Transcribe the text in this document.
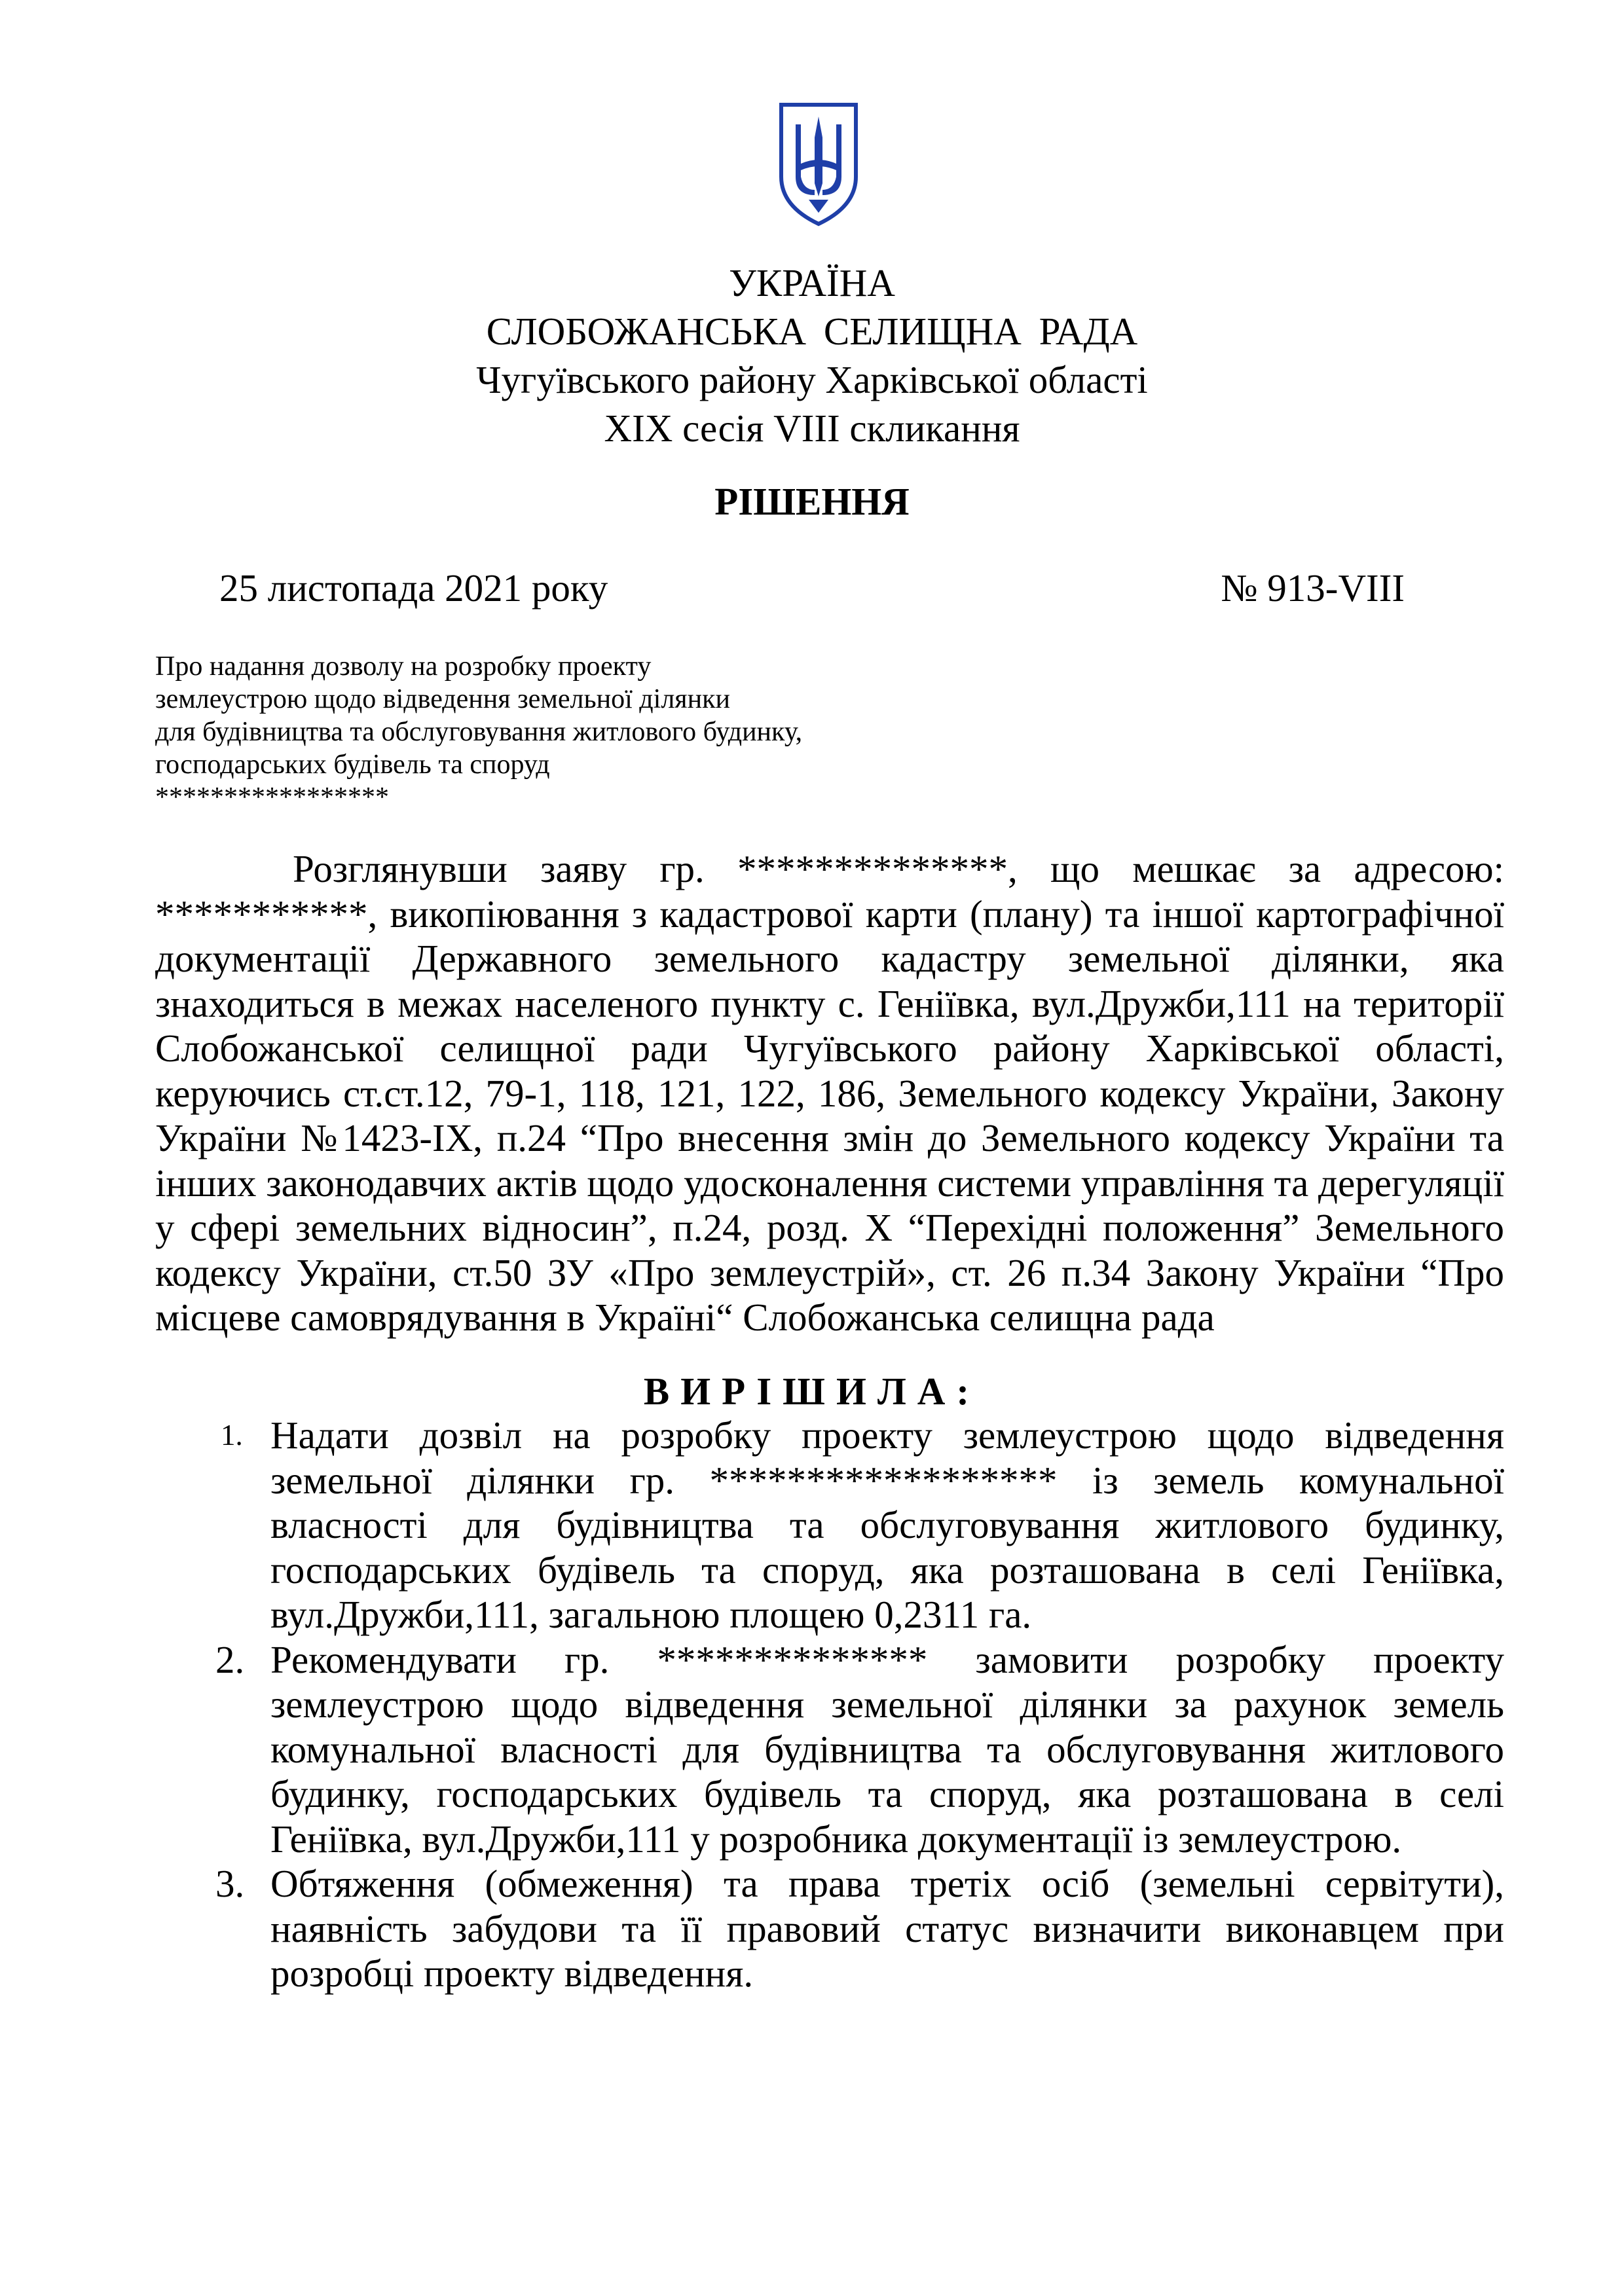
УКРАЇНА
СЛОБОЖАНСЬКА СЕЛИЩНА РАДА
Чугуївського району Харківської області
XIX сесія VIII скликання
РІШЕННЯ
25 листопада 2021 року	№ 913-VIII
Про надання дозволу на розробку проекту
землеустрою щодо відведення земельної ділянки
для будівництва та обслуговування житлового будинку,
господарських будівель та споруд
*****************

Розглянувши заяву гр. **************, що мешкає за адресою: ***********, викопіювання з кадастрової карти (плану) та іншої картографічної документації Державного земельного кадастру земельної ділянки, яка знаходиться в межах населеного пункту с. Геніївка, вул.Дружби,111 на території Слобожанської селищної ради Чугуївського району Харківської області, керуючись ст.ст.12, 79-1, 118, 121, 122, 186, Земельного кодексу України, Закону України №1423-IX, п.24 “Про внесення змін до Земельного кодексу України та інших законодавчих актів щодо удосконалення системи управління та дерегуляції у сфері земельних відносин”, п.24, розд. X “Перехідні положення” Земельного кодексу України, ст.50 ЗУ «Про землеустрій», ст. 26 п.34 Закону України “Про місцеве самоврядування в Україні“ Слобожанська селищна рада

ВИРІШИЛА:
1. Надати дозвіл на розробку проекту землеустрою щодо відведення земельної ділянки гр. ****************** із земель комунальної власності для будівництва та обслуговування житлового будинку, господарських будівель та споруд, яка розташована в селі Геніївка, вул.Дружби,111, загальною площею 0,2311 га.
2. Рекомендувати гр. ************** замовити розробку проекту землеустрою щодо відведення земельної ділянки за рахунок земель комунальної власності для будівництва та обслуговування житлового будинку, господарських будівель та споруд, яка розташована в селі Геніївка, вул.Дружби,111 у розробника документації із землеустрою.
3. Обтяження (обмеження) та права третіх осіб (земельні сервітути), наявність забудови та її правовий статус визначити виконавцем при розробці проекту відведення.
